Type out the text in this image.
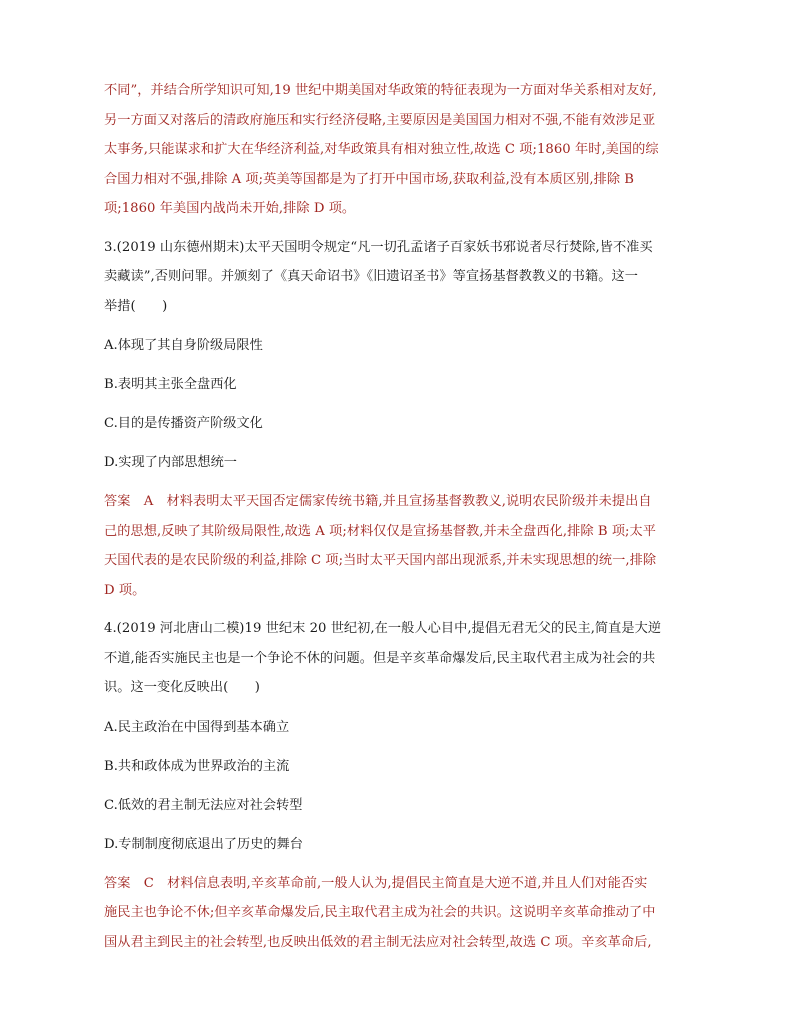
不同”，并结合所学知识可知,19 世纪中期美国对华政策的特征表现为一方面对华关系相对友好,

另一方面又对落后的清政府施压和实行经济侵略,主要原因是美国国力相对不强,不能有效涉足亚

太事务,只能谋求和扩大在华经济利益,对华政策具有相对独立性,故选 C 项;1860 年时,美国的综

合国力相对不强,排除 A 项;英美等国都是为了打开中国市场,获取利益,没有本质区别,排除 B

项;1860 年美国内战尚未开始,排除 D 项。

3.(2019 山东德州期末)太平天国明令规定“凡一切孔孟诸子百家妖书邪说者尽行焚除,皆不准买

卖藏读”,否则问罪。并颁刻了《真天命诏书》《旧遗诏圣书》等宣扬基督教教义的书籍。这一

举措(　　)

A.体现了其自身阶级局限性

B.表明其主张全盘西化

C.目的是传播资产阶级文化

D.实现了内部思想统一

答案　A　材料表明太平天国否定儒家传统书籍,并且宣扬基督教教义,说明农民阶级并未提出自

己的思想,反映了其阶级局限性,故选 A 项;材料仅仅是宣扬基督教,并未全盘西化,排除 B 项;太平

天国代表的是农民阶级的利益,排除 C 项;当时太平天国内部出现派系,并未实现思想的统一,排除

D 项。

4.(2019 河北唐山二模)19 世纪末 20 世纪初,在一般人心目中,提倡无君无父的民主,简直是大逆

不道,能否实施民主也是一个争论不休的问题。但是辛亥革命爆发后,民主取代君主成为社会的共

识。这一变化反映出(　　)

A.民主政治在中国得到基本确立

B.共和政体成为世界政治的主流

C.低效的君主制无法应对社会转型

D.专制制度彻底退出了历史的舞台

答案　C　材料信息表明,辛亥革命前,一般人认为,提倡民主简直是大逆不道,并且人们对能否实

施民主也争论不休;但辛亥革命爆发后,民主取代君主成为社会的共识。这说明辛亥革命推动了中

国从君主到民主的社会转型,也反映出低效的君主制无法应对社会转型,故选 C 项。辛亥革命后,
